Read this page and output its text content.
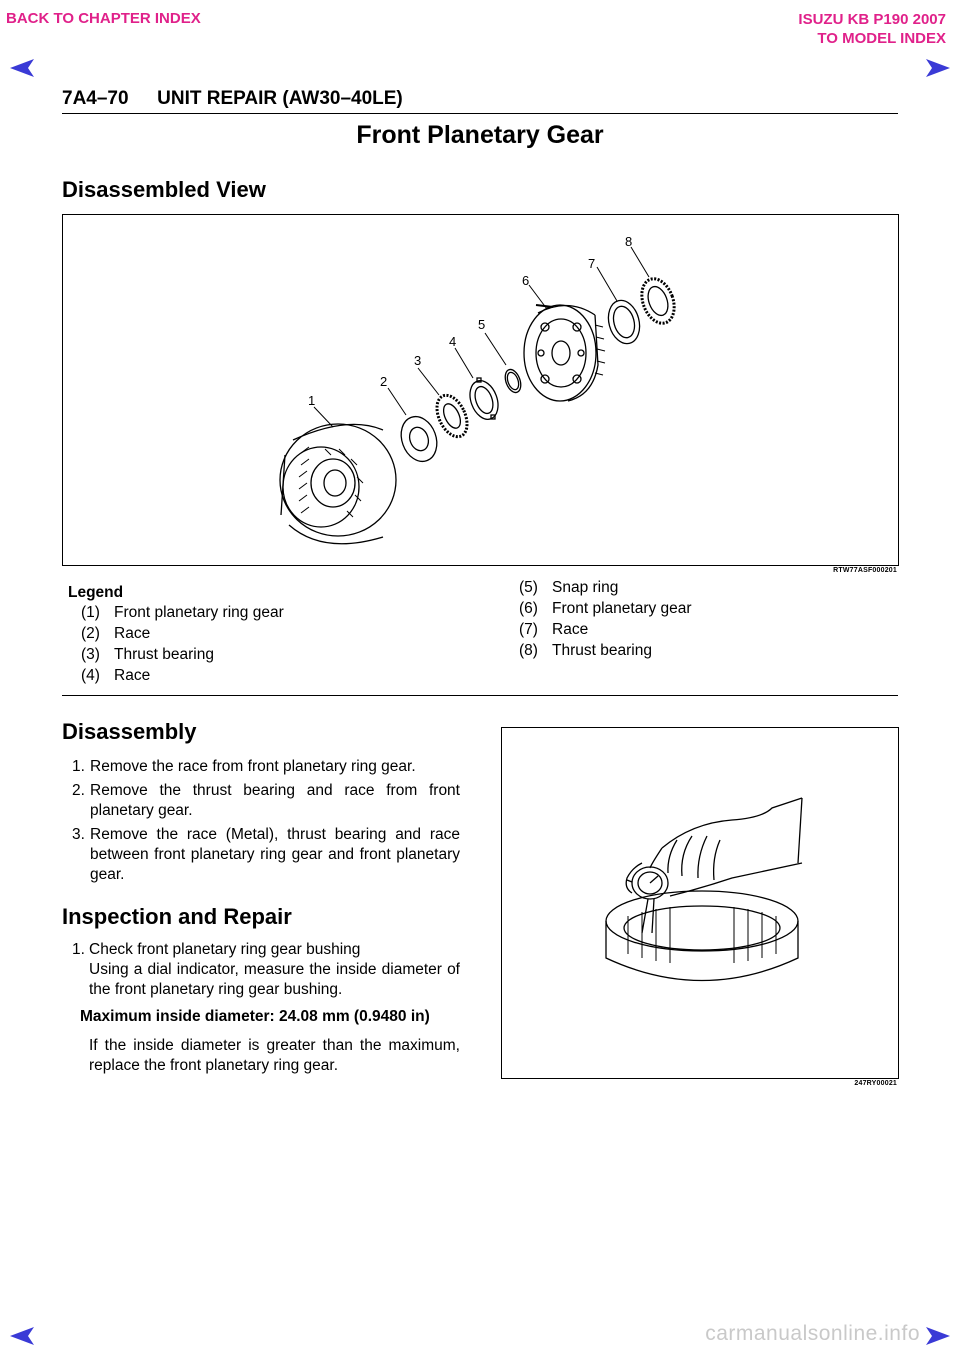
BACK TO CHAPTER INDEX	ISUZU KB P190 2007
TO MODEL INDEX
7A4–70 UNIT REPAIR (AW30–40LE)
Front Planetary Gear
Disassembled View
1
2
3
4
5
6
7
8
RTW77ASF000201
Legend
(1) Front planetary ring gear
(2) Race
(3) Thrust bearing
(4) Race
(5) Snap ring
(6) Front planetary gear
(7) Race
(8) Thrust bearing
Disassembly
1. Remove the race from front planetary ring gear.
2. Remove the thrust bearing and race from front planetary gear.
3. Remove the race (Metal), thrust bearing and race between front planetary ring gear and front planetary gear.
Inspection and Repair
1. Check front planetary ring gear bushing
Using a dial indicator, measure the inside diameter of the front planetary ring gear bushing.
Maximum inside diameter: 24.08 mm (0.9480 in)
If the inside diameter is greater than the maximum, replace the front planetary ring gear.
247RY00021
carmanualsonline.info
